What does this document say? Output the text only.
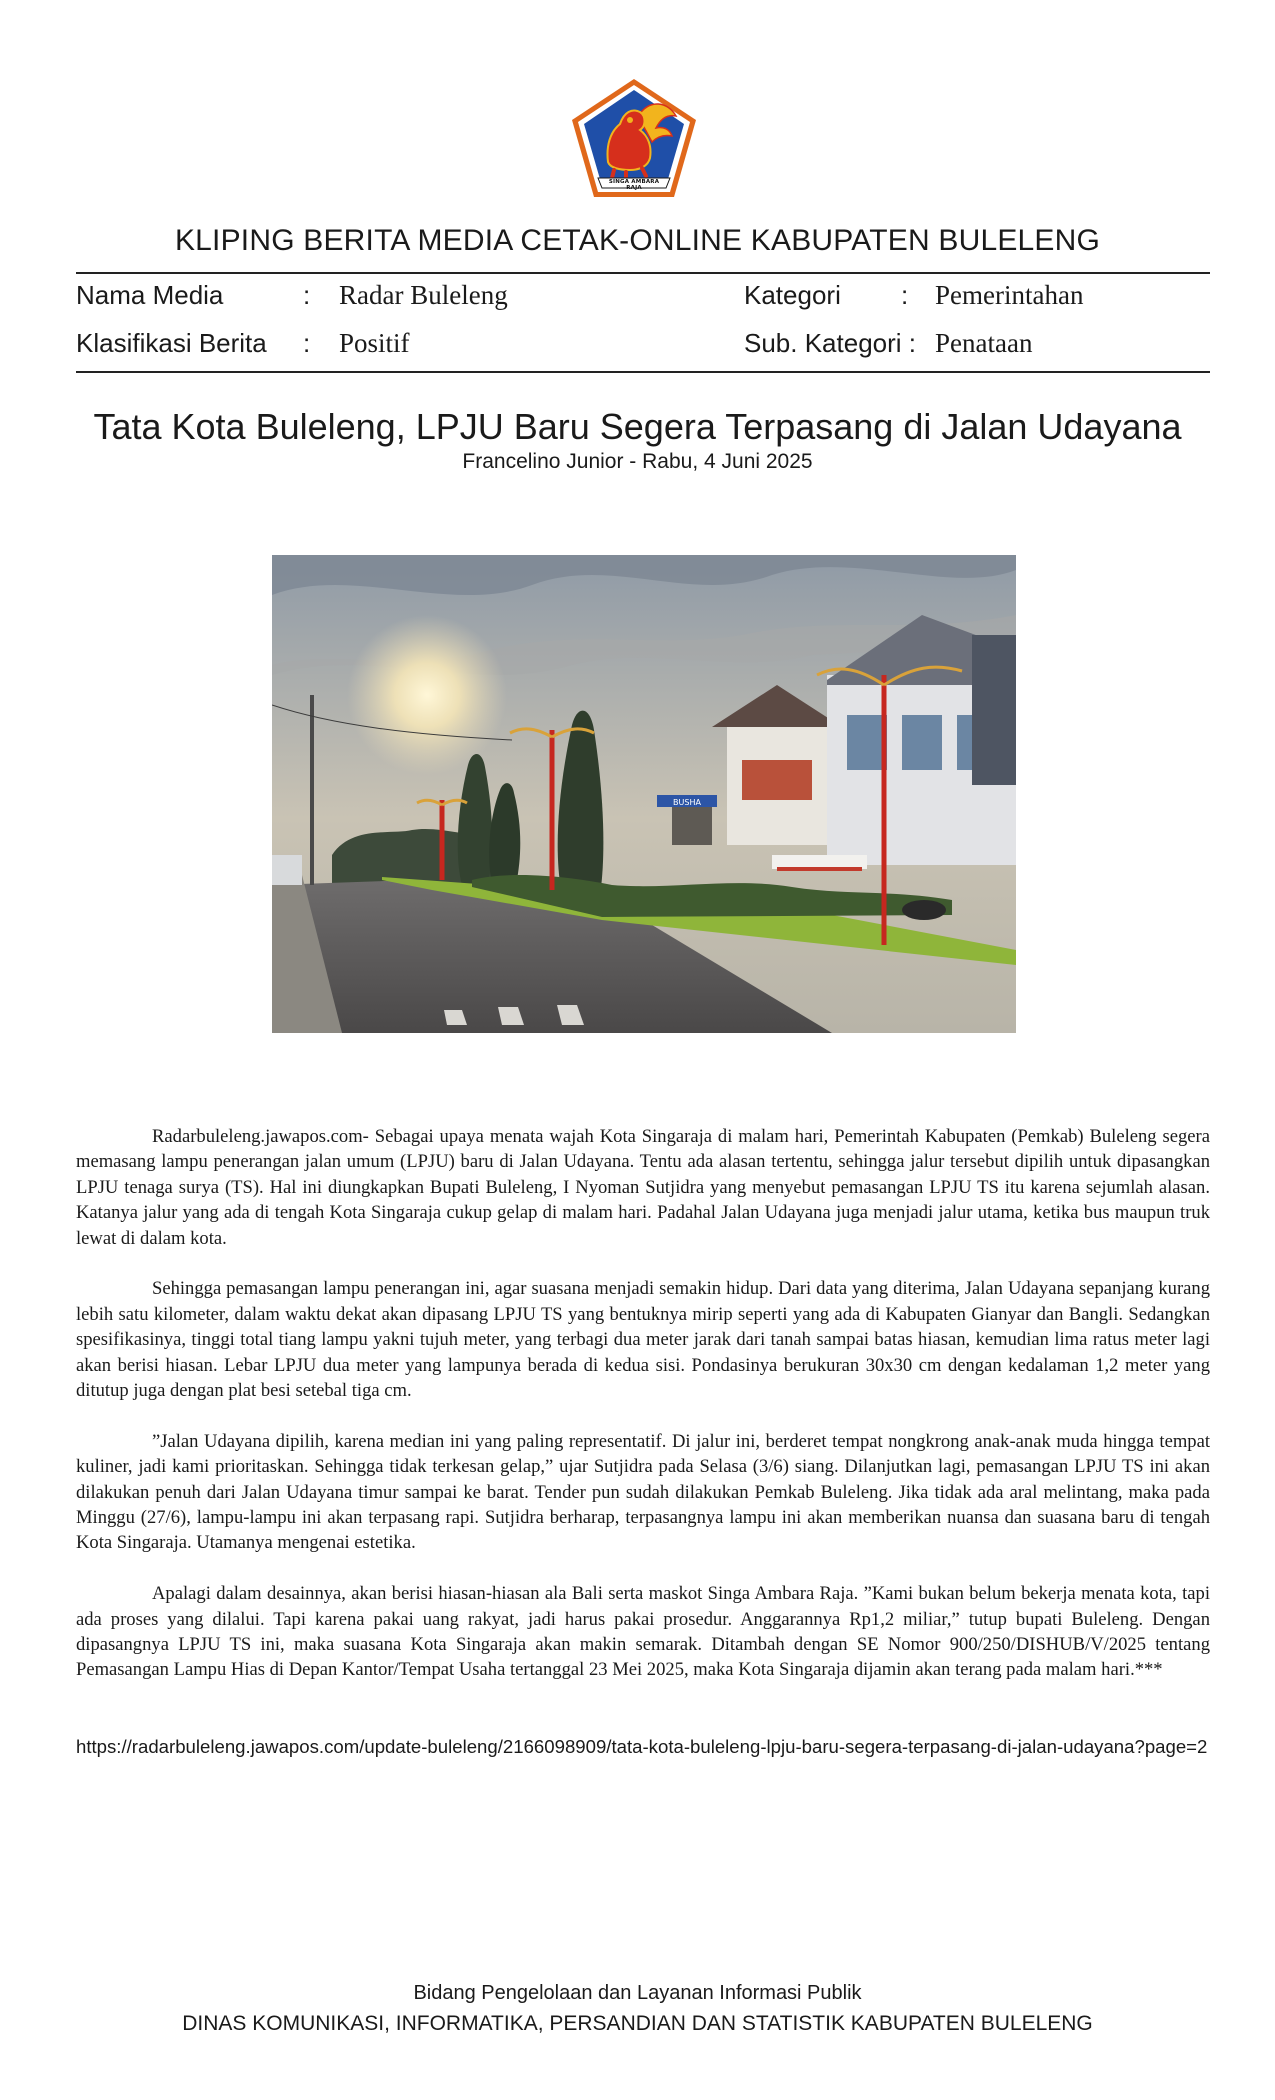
SINGA AMBARA RAJA
KLIPING BERITA MEDIA CETAK-ONLINE KABUPATEN BULELENG
Nama Media	: Radar Buleleng	Kategori : Pemerintahan
Klasifikasi Berita : Positif	Sub. Kategori : Penataan
Tata Kota Buleleng, LPJU Baru Segera Terpasang di Jalan Udayana
Francelino Junior - Rabu, 4 Juni 2025
BUSHA

Radarbuleleng.jawapos.com- Sebagai upaya menata wajah Kota Singaraja di malam hari, Pemerintah Kabupaten (Pemkab) Buleleng segera memasang lampu penerangan jalan umum (LPJU) baru di Jalan Udayana. Tentu ada alasan tertentu, sehingga jalur tersebut dipilih untuk dipasangkan LPJU tenaga surya (TS). Hal ini diungkapkan Bupati Buleleng, I Nyoman Sutjidra yang menyebut pemasangan LPJU TS itu karena sejumlah alasan. Katanya jalur yang ada di tengah Kota Singaraja cukup gelap di malam hari. Padahal Jalan Udayana juga menjadi jalur utama, ketika bus maupun truk lewat di dalam kota.

Sehingga pemasangan lampu penerangan ini, agar suasana menjadi semakin hidup. Dari data yang diterima, Jalan Udayana sepanjang kurang lebih satu kilometer, dalam waktu dekat akan dipasang LPJU TS yang bentuknya mirip seperti yang ada di Kabupaten Gianyar dan Bangli. Sedangkan spesifikasinya, tinggi total tiang lampu yakni tujuh meter, yang terbagi dua meter jarak dari tanah sampai batas hiasan, kemudian lima ratus meter lagi akan berisi hiasan. Lebar LPJU dua meter yang lampunya berada di kedua sisi. Pondasinya berukuran 30x30 cm dengan kedalaman 1,2 meter yang ditutup juga dengan plat besi setebal tiga cm.

”Jalan Udayana dipilih, karena median ini yang paling representatif. Di jalur ini, berderet tempat nongkrong anak-anak muda hingga tempat kuliner, jadi kami prioritaskan. Sehingga tidak terkesan gelap,” ujar Sutjidra pada Selasa (3/6) siang. Dilanjutkan lagi, pemasangan LPJU TS ini akan dilakukan penuh dari Jalan Udayana timur sampai ke barat. Tender pun sudah dilakukan Pemkab Buleleng. Jika tidak ada aral melintang, maka pada Minggu (27/6), lampu-lampu ini akan terpasang rapi. Sutjidra berharap, terpasangnya lampu ini akan memberikan nuansa dan suasana baru di tengah Kota Singaraja. Utamanya mengenai estetika.

Apalagi dalam desainnya, akan berisi hiasan-hiasan ala Bali serta maskot Singa Ambara Raja. ”Kami bukan belum bekerja menata kota, tapi ada proses yang dilalui. Tapi karena pakai uang rakyat, jadi harus pakai prosedur. Anggarannya Rp1,2 miliar,” tutup bupati Buleleng. Dengan dipasangnya LPJU TS ini, maka suasana Kota Singaraja akan makin semarak. Ditambah dengan SE Nomor 900/250/DISHUB/V/2025 tentang Pemasangan Lampu Hias di Depan Kantor/Tempat Usaha tertanggal 23 Mei 2025, maka Kota Singaraja dijamin akan terang pada malam hari.***

https://radarbuleleng.jawapos.com/update-buleleng/2166098909/tata-kota-buleleng-lpju-baru-segera-terpasang-di-jalan-udayana?page=2
Bidang Pengelolaan dan Layanan Informasi Publik
DINAS KOMUNIKASI, INFORMATIKA, PERSANDIAN DAN STATISTIK KABUPATEN BULELENG
